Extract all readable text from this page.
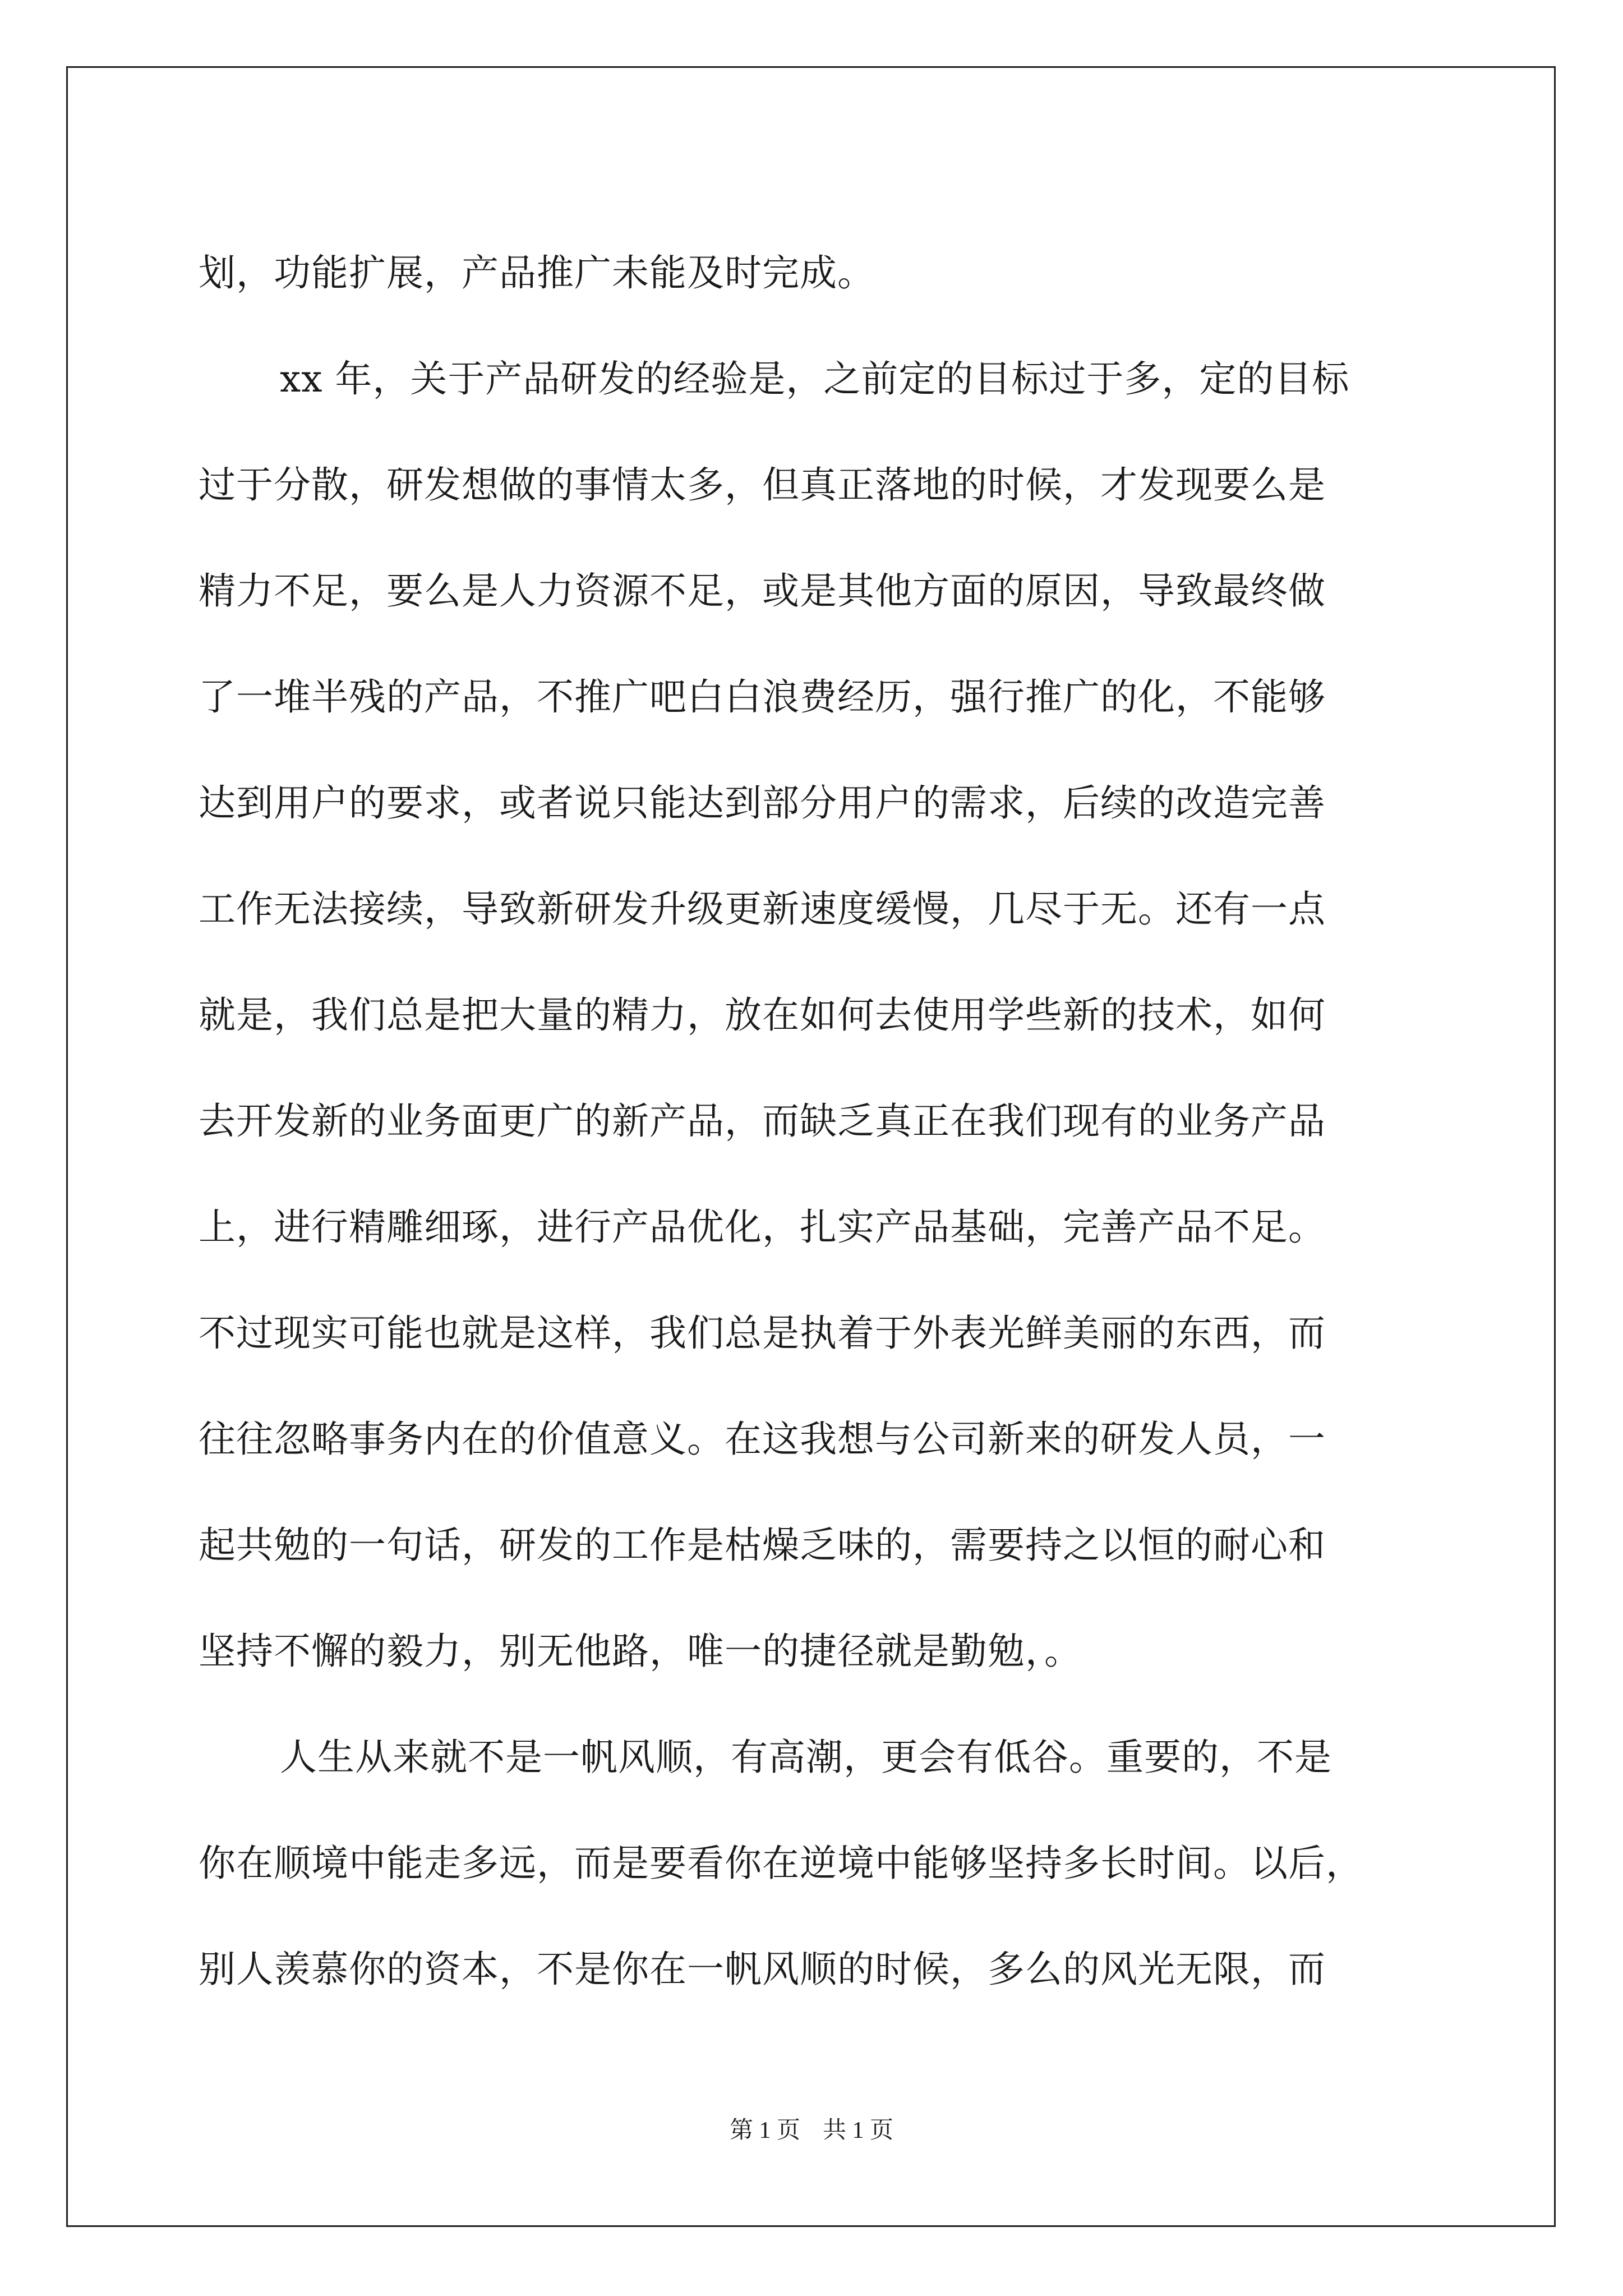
划，功能扩展，产品推广未能及时完成。
xx 年，关于产品研发的经验是，之前定的目标过于多，定的目标
过于分散，研发想做的事情太多，但真正落地的时候，才发现要么是
精力不足，要么是人力资源不足，或是其他方面的原因，导致最终做
了一堆半残的产品，不推广吧白白浪费经历，强行推广的化，不能够
达到用户的要求，或者说只能达到部分用户的需求，后续的改造完善
工作无法接续，导致新研发升级更新速度缓慢，几尽于无。还有一点
就是，我们总是把大量的精力，放在如何去使用学些新的技术，如何
去开发新的业务面更广的新产品，而缺乏真正在我们现有的业务产品
上，进行精雕细琢，进行产品优化，扎实产品基础，完善产品不足。
不过现实可能也就是这样，我们总是执着于外表光鲜美丽的东西，而
往往忽略事务内在的价值意义。在这我想与公司新来的研发人员，一
起共勉的一句话，研发的工作是枯燥乏味的，需要持之以恒的耐心和
坚持不懈的毅力，别无他路，唯一的捷径就是勤勉，。
人生从来就不是一帆风顺，有高潮，更会有低谷。重要的，不是
你在顺境中能走多远，而是要看你在逆境中能够坚持多长时间。以后，
别人羡慕你的资本，不是你在一帆风顺的时候，多么的风光无限，而
第 1 页 共 1 页
